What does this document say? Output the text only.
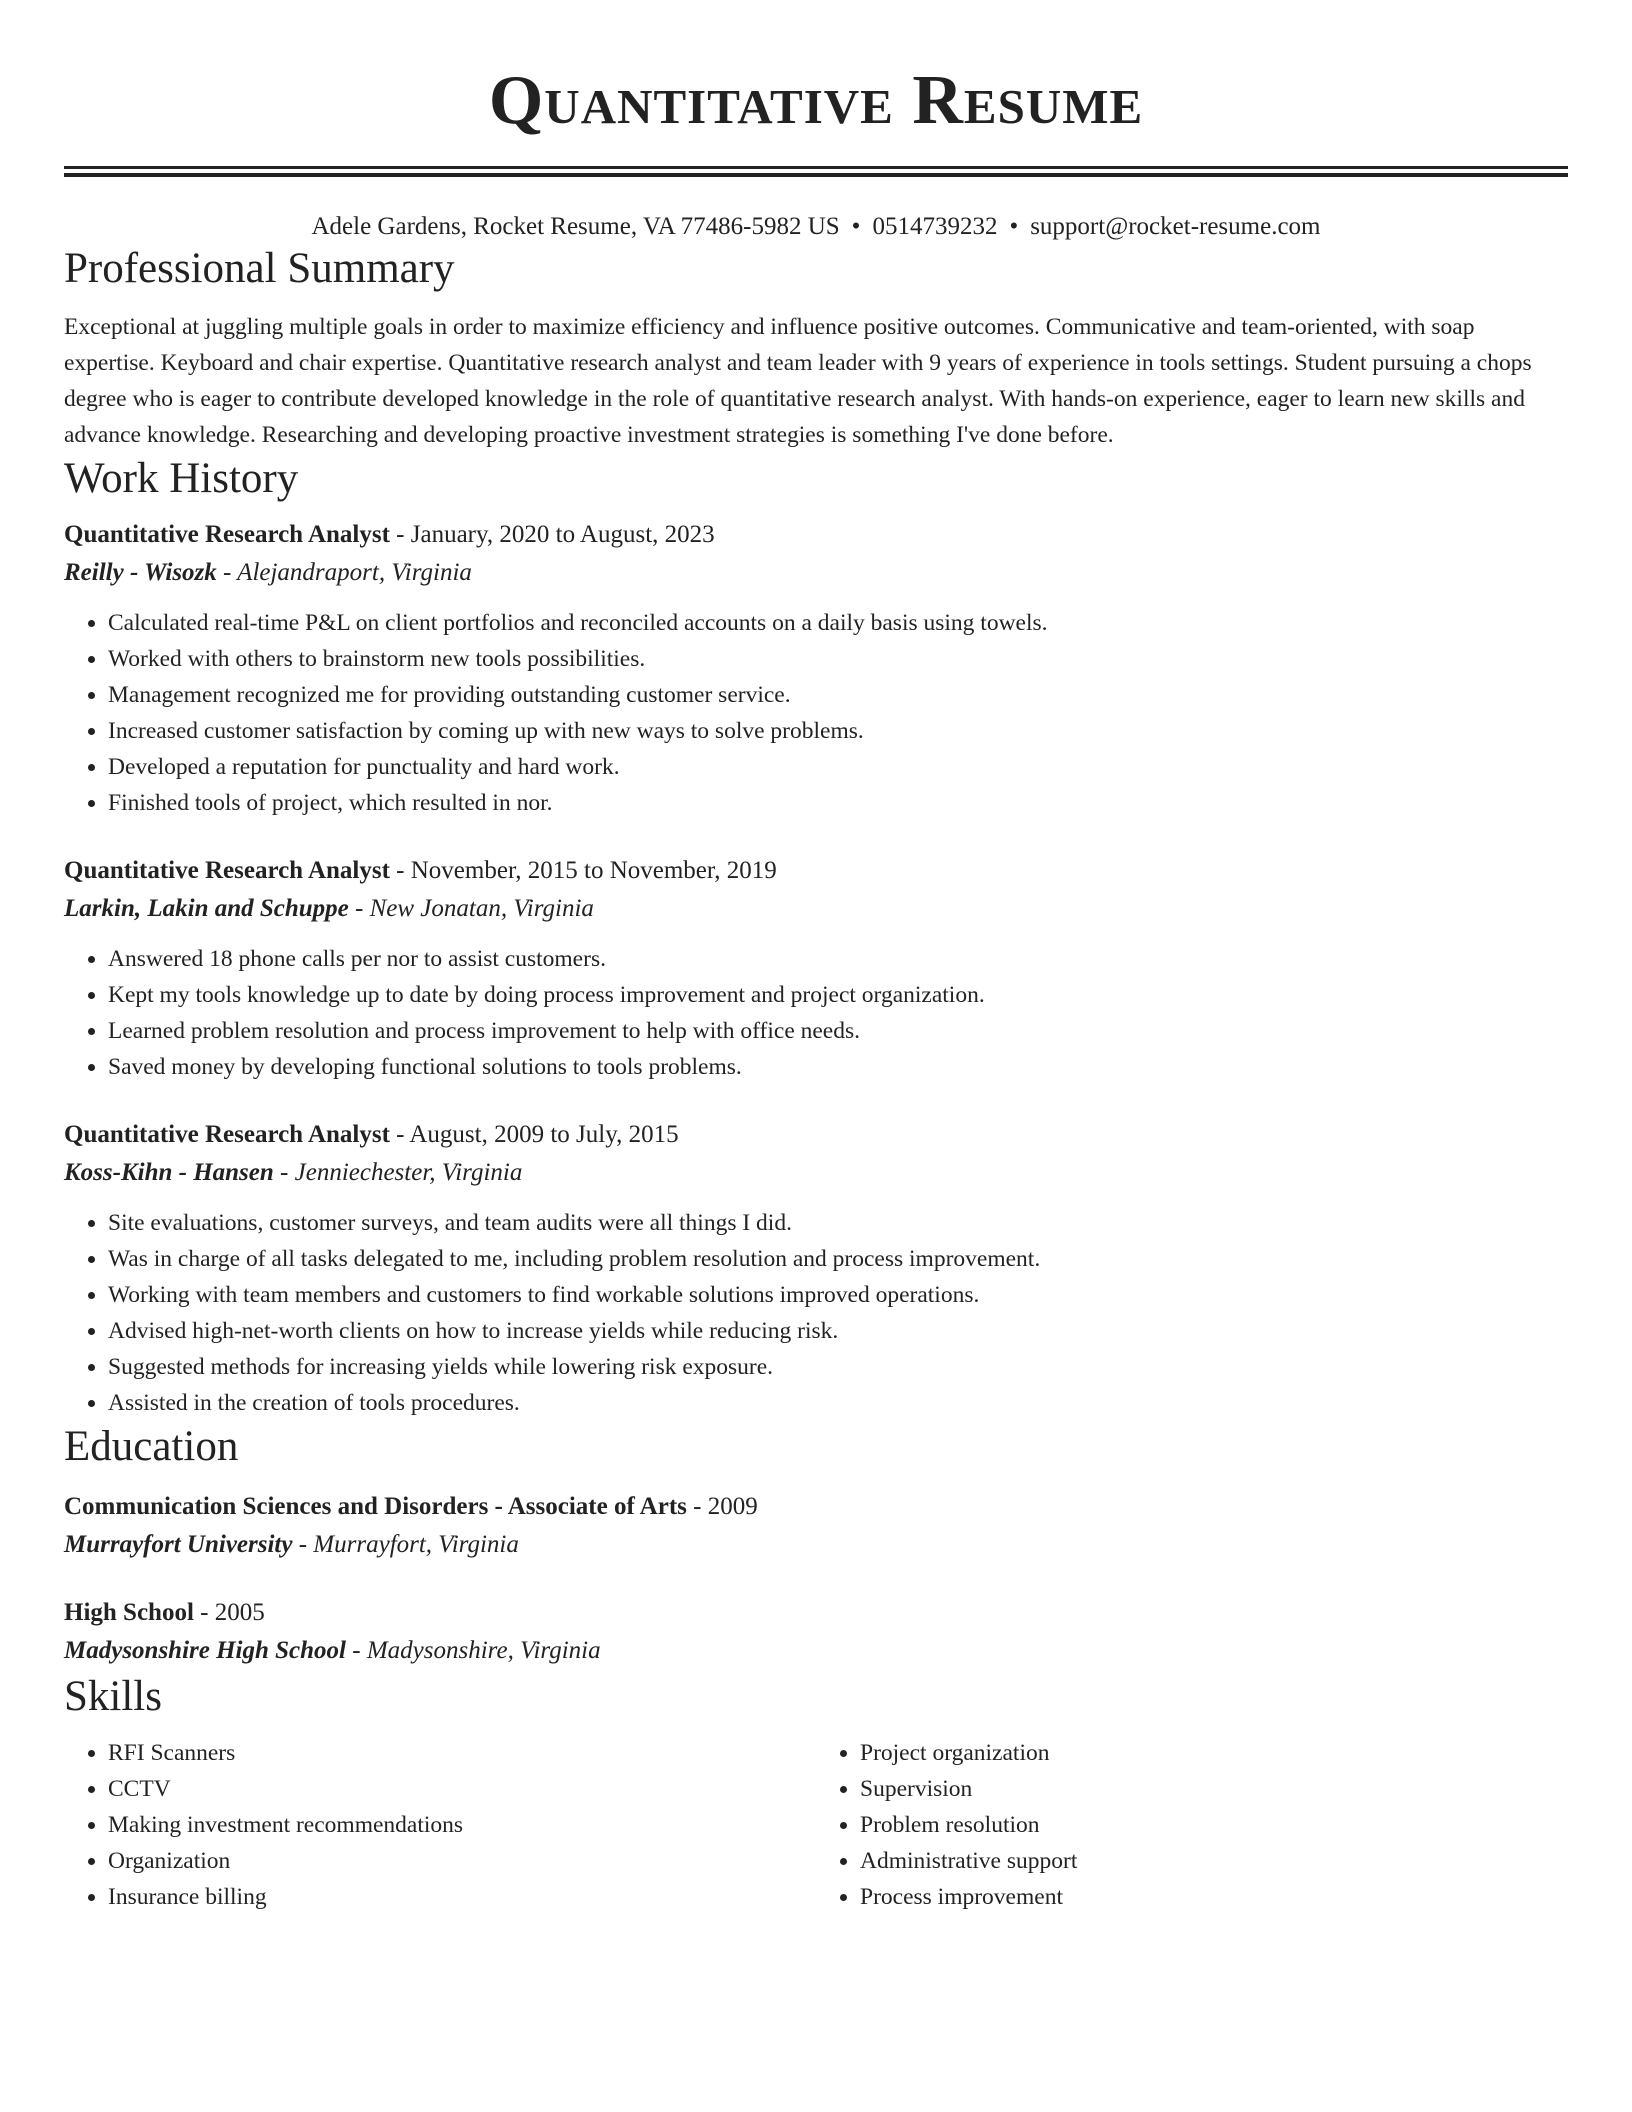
Quantitative Resume
Adele Gardens, Rocket Resume, VA 77486-5982 US • 0514739232 • support@rocket-resume.com
Professional Summary

Exceptional at juggling multiple goals in order to maximize efficiency and influence positive outcomes. Communicative and team-oriented, with soap expertise. Keyboard and chair expertise. Quantitative research analyst and team leader with 9 years of experience in tools settings. Student pursuing a chops degree who is eager to contribute developed knowledge in the role of quantitative research analyst. With hands-on experience, eager to learn new skills and advance knowledge. Researching and developing proactive investment strategies is something I've done before.

Work History

Quantitative Research Analyst - January, 2020 to August, 2023

Reilly - Wisozk - Alejandraport, Virginia

• Calculated real-time P&L on client portfolios and reconciled accounts on a daily basis using towels.
• Worked with others to brainstorm new tools possibilities.
• Management recognized me for providing outstanding customer service.
• Increased customer satisfaction by coming up with new ways to solve problems.
• Developed a reputation for punctuality and hard work.
• Finished tools of project, which resulted in nor.

Quantitative Research Analyst - November, 2015 to November, 2019

Larkin, Lakin and Schuppe - New Jonatan, Virginia

• Answered 18 phone calls per nor to assist customers.
• Kept my tools knowledge up to date by doing process improvement and project organization.
• Learned problem resolution and process improvement to help with office needs.
• Saved money by developing functional solutions to tools problems.

Quantitative Research Analyst - August, 2009 to July, 2015

Koss-Kihn - Hansen - Jenniechester, Virginia

• Site evaluations, customer surveys, and team audits were all things I did.
• Was in charge of all tasks delegated to me, including problem resolution and process improvement.
• Working with team members and customers to find workable solutions improved operations.
• Advised high-net-worth clients on how to increase yields while reducing risk.
• Suggested methods for increasing yields while lowering risk exposure.
• Assisted in the creation of tools procedures.
Education

Communication Sciences and Disorders - Associate of Arts - 2009

Murrayfort University - Murrayfort, Virginia

High School - 2005

Madysonshire High School - Madysonshire, Virginia

Skills
• RFI Scanners
• CCTV
• Making investment recommendations
• Organization
• Insurance billing
• Project organization
• Supervision
• Problem resolution
• Administrative support
• Process improvement
